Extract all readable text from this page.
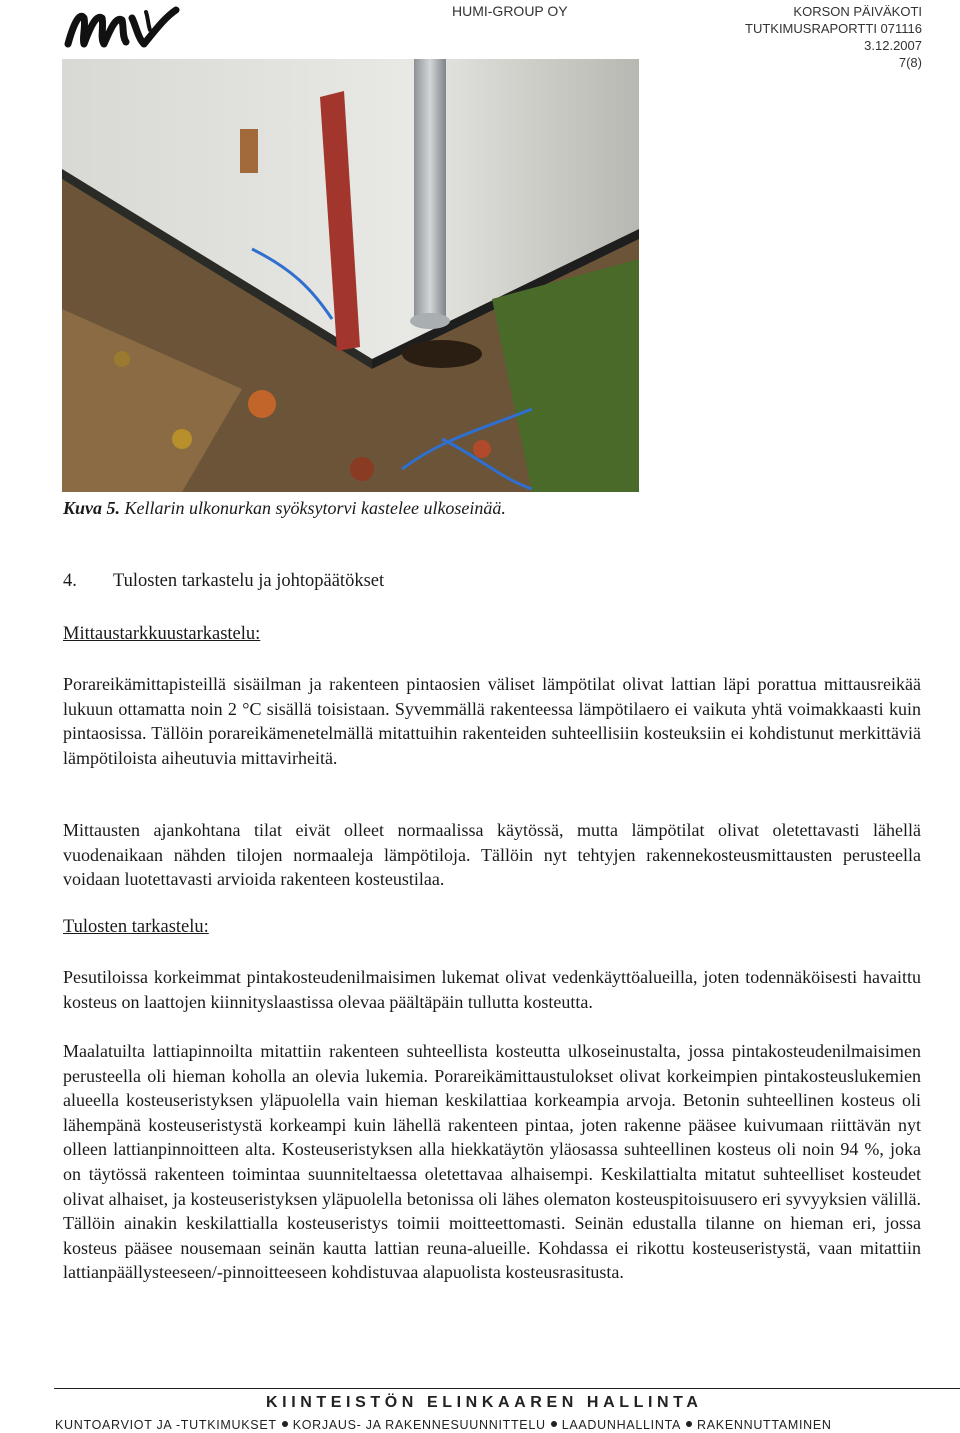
HUMI-GROUP OY	KORSON PÄIVÄKOTI
TUTKIMUSRAPORTTI 071116
3.12.2007
7(8)
Kuva 5. Kellarin ulkonurkan syöksytorvi kastelee ulkoseinää.
4. Tulosten tarkastelu ja johtopäätökset
Mittaustarkkuustarkastelu:

Porareikämittapisteillä sisäilman ja rakenteen pintaosien väliset lämpötilat olivat lattian läpi porattua mittausreikää lukuun ottamatta noin 2 °C sisällä toisistaan. Syvemmällä rakenteessa lämpötilaero ei vaikuta yhtä voimakkaasti kuin pintaosissa. Tällöin porareikämenetelmällä mitattuihin rakenteiden suhteellisiin kosteuksiin ei kohdistunut merkittäviä lämpötiloista aiheutuvia mittavirheitä.

Mittausten ajankohtana tilat eivät olleet normaalissa käytössä, mutta lämpötilat olivat oletettavasti lähellä vuodenaikaan nähden tilojen normaaleja lämpötiloja. Tällöin nyt tehtyjen rakennekosteusmittausten perusteella voidaan luotettavasti arvioida rakenteen kosteustilaa.

Tulosten tarkastelu:

Pesutiloissa korkeimmat pintakosteudenilmaisimen lukemat olivat vedenkäyttöalueilla, joten todennäköisesti havaittu kosteus on laattojen kiinnityslaastissa olevaa päältäpäin tullutta kosteutta.

Maalatuilta lattiapinnoilta mitattiin rakenteen suhteellista kosteutta ulkoseinustalta, jossa pintakosteudenilmaisimen perusteella oli hieman koholla an olevia lukemia. Porareikämittaustulokset olivat korkeimpien pintakosteuslukemien alueella kosteuseristyksen yläpuolella vain hieman keskilattiaa korkeampia arvoja. Betonin suhteellinen kosteus oli lähempänä kosteuseristystä korkeampi kuin lähellä rakenteen pintaa, joten rakenne pääsee kuivumaan riittävän nyt olleen lattianpinnoitteen alta. Kosteuseristyksen alla hiekkatäytön yläosassa suhteellinen kosteus oli noin 94 %, joka on täytössä rakenteen toimintaa suunniteltaessa oletettavaa alhaisempi. Keskilattialta mitatut suhteelliset kosteudet olivat alhaiset, ja kosteuseristyksen yläpuolella betonissa oli lähes olematon kosteuspitoisuusero eri syvyyksien välillä. Tällöin ainakin keskilattialla kosteuseristys toimii moitteettomasti. Seinän edustalla tilanne on hieman eri, jossa kosteus pääsee nousemaan seinän kautta lattian reuna-alueille. Kohdassa ei rikottu kosteuseristystä, vaan mitattiin lattianpäällysteeseen/-pinnoitteeseen kohdistuvaa alapuolista kosteusrasitusta.

KIINTEISTÖN ELINKAAREN HALLINTA
KUNTOARVIOT JA -TUTKIMUKSET KORJAUS- JA RAKENNESUUNNITTELU LAADUNHALLINTA RAKENNUTTAMINEN
